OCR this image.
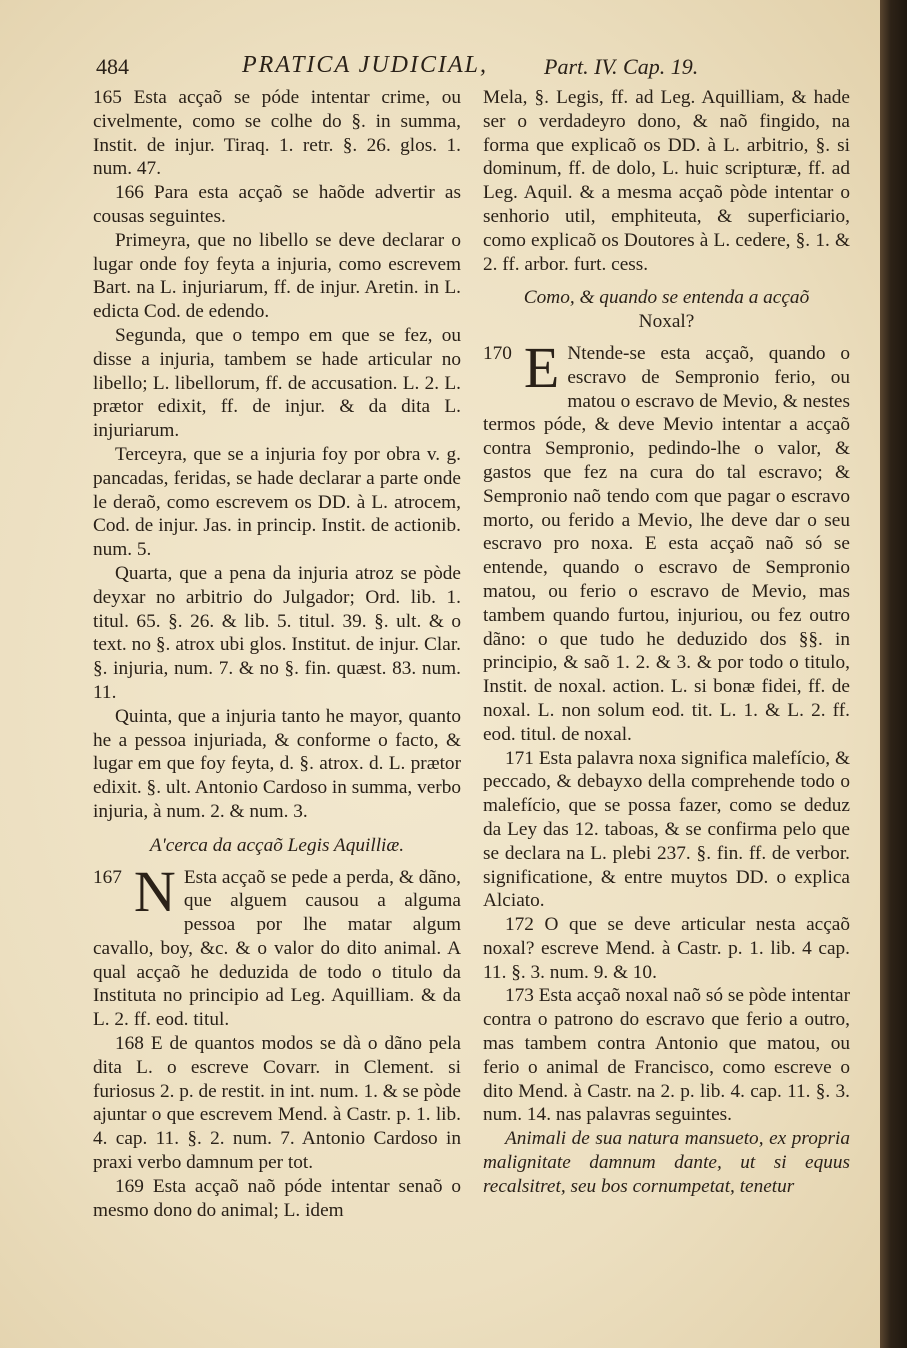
484	PRATICA JUDICIAL,	Part. IV. Cap. 19.

165 Esta acçaõ se póde intentar crime, ou civelmente, como se colhe do §. in summa, Instit. de injur. Tiraq. 1. retr. §. 26. glos. 1. num. 47.

166 Para esta acçaõ se haõde advertir as cousas seguintes.

Primeyra, que no libello se deve declarar o lugar onde foy feyta a injuria, como escrevem Bart. na L. injuriarum, ff. de injur. Aretin. in L. edicta Cod. de edendo.

Segunda, que o tempo em que se fez, ou disse a injuria, tambem se hade articular no libello; L. libellorum, ff. de accusation. L. 2. L. prætor edixit, ff. de injur. & da dita L. injuriarum.

Terceyra, que se a injuria foy por obra v. g. pancadas, feridas, se hade declarar a parte onde le deraõ, como escrevem os DD. à L. atrocem, Cod. de injur. Jas. in princip. Instit. de actionib. num. 5.

Quarta, que a pena da injuria atroz se pòde deyxar no arbitrio do Julgador; Ord. lib. 1. titul. 65. §. 26. & lib. 5. titul. 39. §. ult. & o text. no §. atrox ubi glos. Institut. de injur. Clar. §. injuria, num. 7. & no §. fin. quæst. 83. num. 11.

Quinta, que a injuria tanto he mayor, quanto he a pessoa injuriada, & conforme o facto, & lugar em que foy feyta, d. §. atrox. d. L. prætor edixit. §. ult. Antonio Cardoso in summa, verbo injuria, à num. 2. & num. 3.

A'cerca da acçaõ Legis Aquilliæ.

167 N Esta acçaõ se pede a perda, & dãno, que alguem causou a alguma pessoa por lhe matar algum cavallo, boy, &c. & o valor do dito animal. A qual acçaõ he deduzida de todo o titulo da Instituta no principio ad Leg. Aquilliam. & da L. 2. ff. eod. titul.

168 E de quantos modos se dà o dãno pela dita L. o escreve Covarr. in Clement. si furiosus 2. p. de restit. in int. num. 1. & se pòde ajuntar o que escrevem Mend. à Castr. p. 1. lib. 4. cap. 11. §. 2. num. 7. Antonio Cardoso in praxi verbo damnum per tot.

169 Esta acçaõ naõ póde intentar senaõ o mesmo dono do animal; L. idem

Mela, §. Legis, ff. ad Leg. Aquilliam, & hade ser o verdadeyro dono, & naõ fingido, na forma que explicaõ os DD. à L. arbitrio, §. si dominum, ff. de dolo, L. huic scripturæ, ff. ad Leg. Aquil. & a mesma acçaõ pòde intentar o senhorio util, emphiteuta, & superficiario, como explicaõ os Doutores à L. cedere, §. 1. & 2. ff. arbor. furt. cess.

Como, & quando se entenda a acçaõ
Noxal?

170 E Ntende-se esta acçaõ, quando o escravo de Sempronio ferio, ou matou o escravo de Mevio, & nestes termos póde, & deve Mevio intentar a acçaõ contra Sempronio, pedindo-lhe o valor, & gastos que fez na cura do tal escravo; & Sempronio naõ tendo com que pagar o escravo morto, ou ferido a Mevio, lhe deve dar o seu escravo pro noxa. E esta acçaõ naõ só se entende, quando o escravo de Sempronio matou, ou ferio o escravo de Mevio, mas tambem quando furtou, injuriou, ou fez outro dãno: o que tudo he deduzido dos §§. in principio, & saõ 1. 2. & 3. & por todo o titulo, Instit. de noxal. action. L. si bonæ fidei, ff. de noxal. L. non solum eod. tit. L. 1. & L. 2. ff. eod. titul. de noxal.

171 Esta palavra noxa significa malefício, & peccado, & debayxo della comprehende todo o malefício, que se possa fazer, como se deduz da Ley das 12. taboas, & se confirma pelo que se declara na L. plebi 237. §. fin. ff. de verbor. significatione, & entre muytos DD. o explica Alciato.

172 O que se deve articular nesta acçaõ noxal? escreve Mend. à Castr. p. 1. lib. 4 cap. 11. §. 3. num. 9. & 10.

173 Esta acçaõ noxal naõ só se pòde intentar contra o patrono do escravo que ferio a outro, mas tambem contra Antonio que matou, ou ferio o animal de Francisco, como escreve o dito Mend. à Castr. na 2. p. lib. 4. cap. 11. §. 3. num. 14. nas palavras seguintes.

Animali de sua natura mansueto, ex propria malignitate damnum dante, ut si equus recalsitret, seu bos cornumpetat, tenetur
